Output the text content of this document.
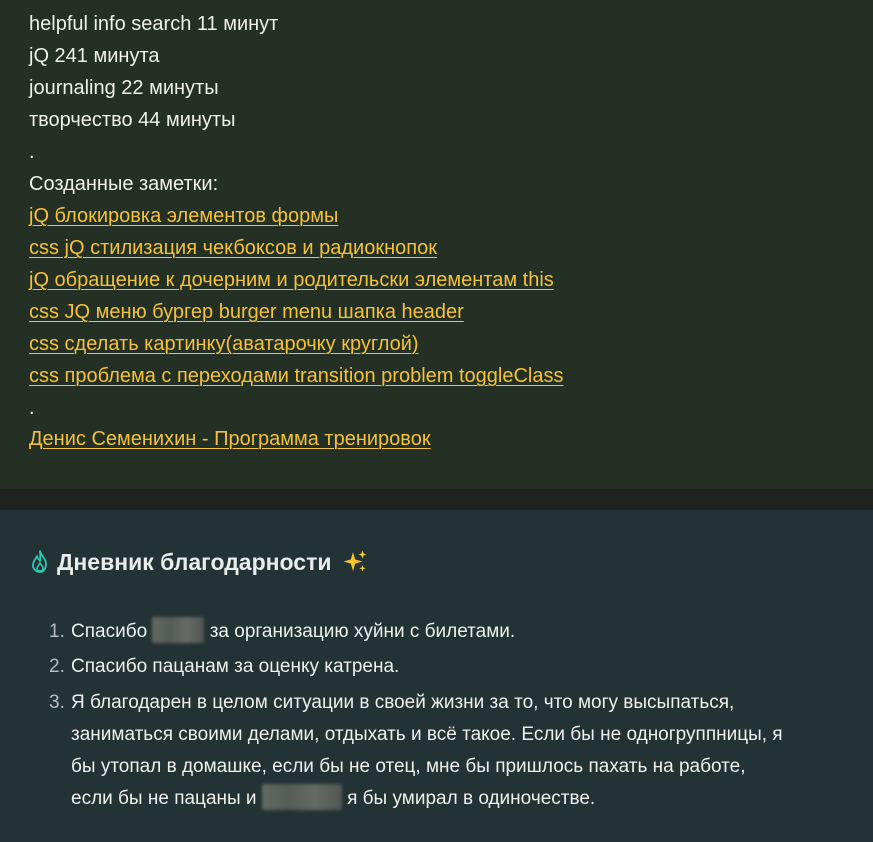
helpful info search 11 минут
jQ 241 минута
journaling 22 минуты
творчество 44 минуты
.
Созданные заметки:
jQ блокировка элементов формы
css jQ стилизация чекбоксов и радиокнопок
jQ обращение к дочерним и родительски элементам this
css JQ меню бургер burger menu шапка header
css сделать картинку(аватарочку круглой)
css проблема с переходами transition problem toggleClass
.
Денис Семенихин - Программа тренировок
Дневник благодарности
1. Спасибо	за организацию хуйни с билетами.
2. Спасибо пацанам за оценку катрена.
3. Я благодарен в целом ситуации в своей жизни за то, что могу высыпаться,
заниматься своими делами, отдыхать и всё такое. Если бы не одногруппницы, я
бы утопал в домашке, если бы не отец, мне бы пришлось пахать на работе,
если бы не пацаны и	я бы умирал в одиночестве.
